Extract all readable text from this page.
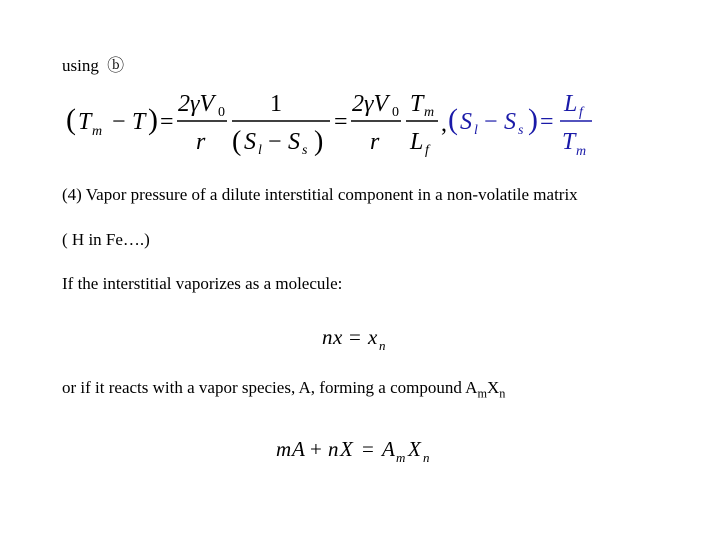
using ⓑ
( T m − T ) =
2γV 0
r
1
( S l − S s )
=
2γV 0
r
T m
L f
, ( S l − S s ) =
L f
T m
(4) Vapor pressure of a dilute interstitial component in a non-volatile matrix
( H in Fe….)
If the interstitial vaporizes as a molecule:
n x = x n
or if it reacts with a vapor species, A, forming a compound $A_mX_n$
m A + n X = A m X n
